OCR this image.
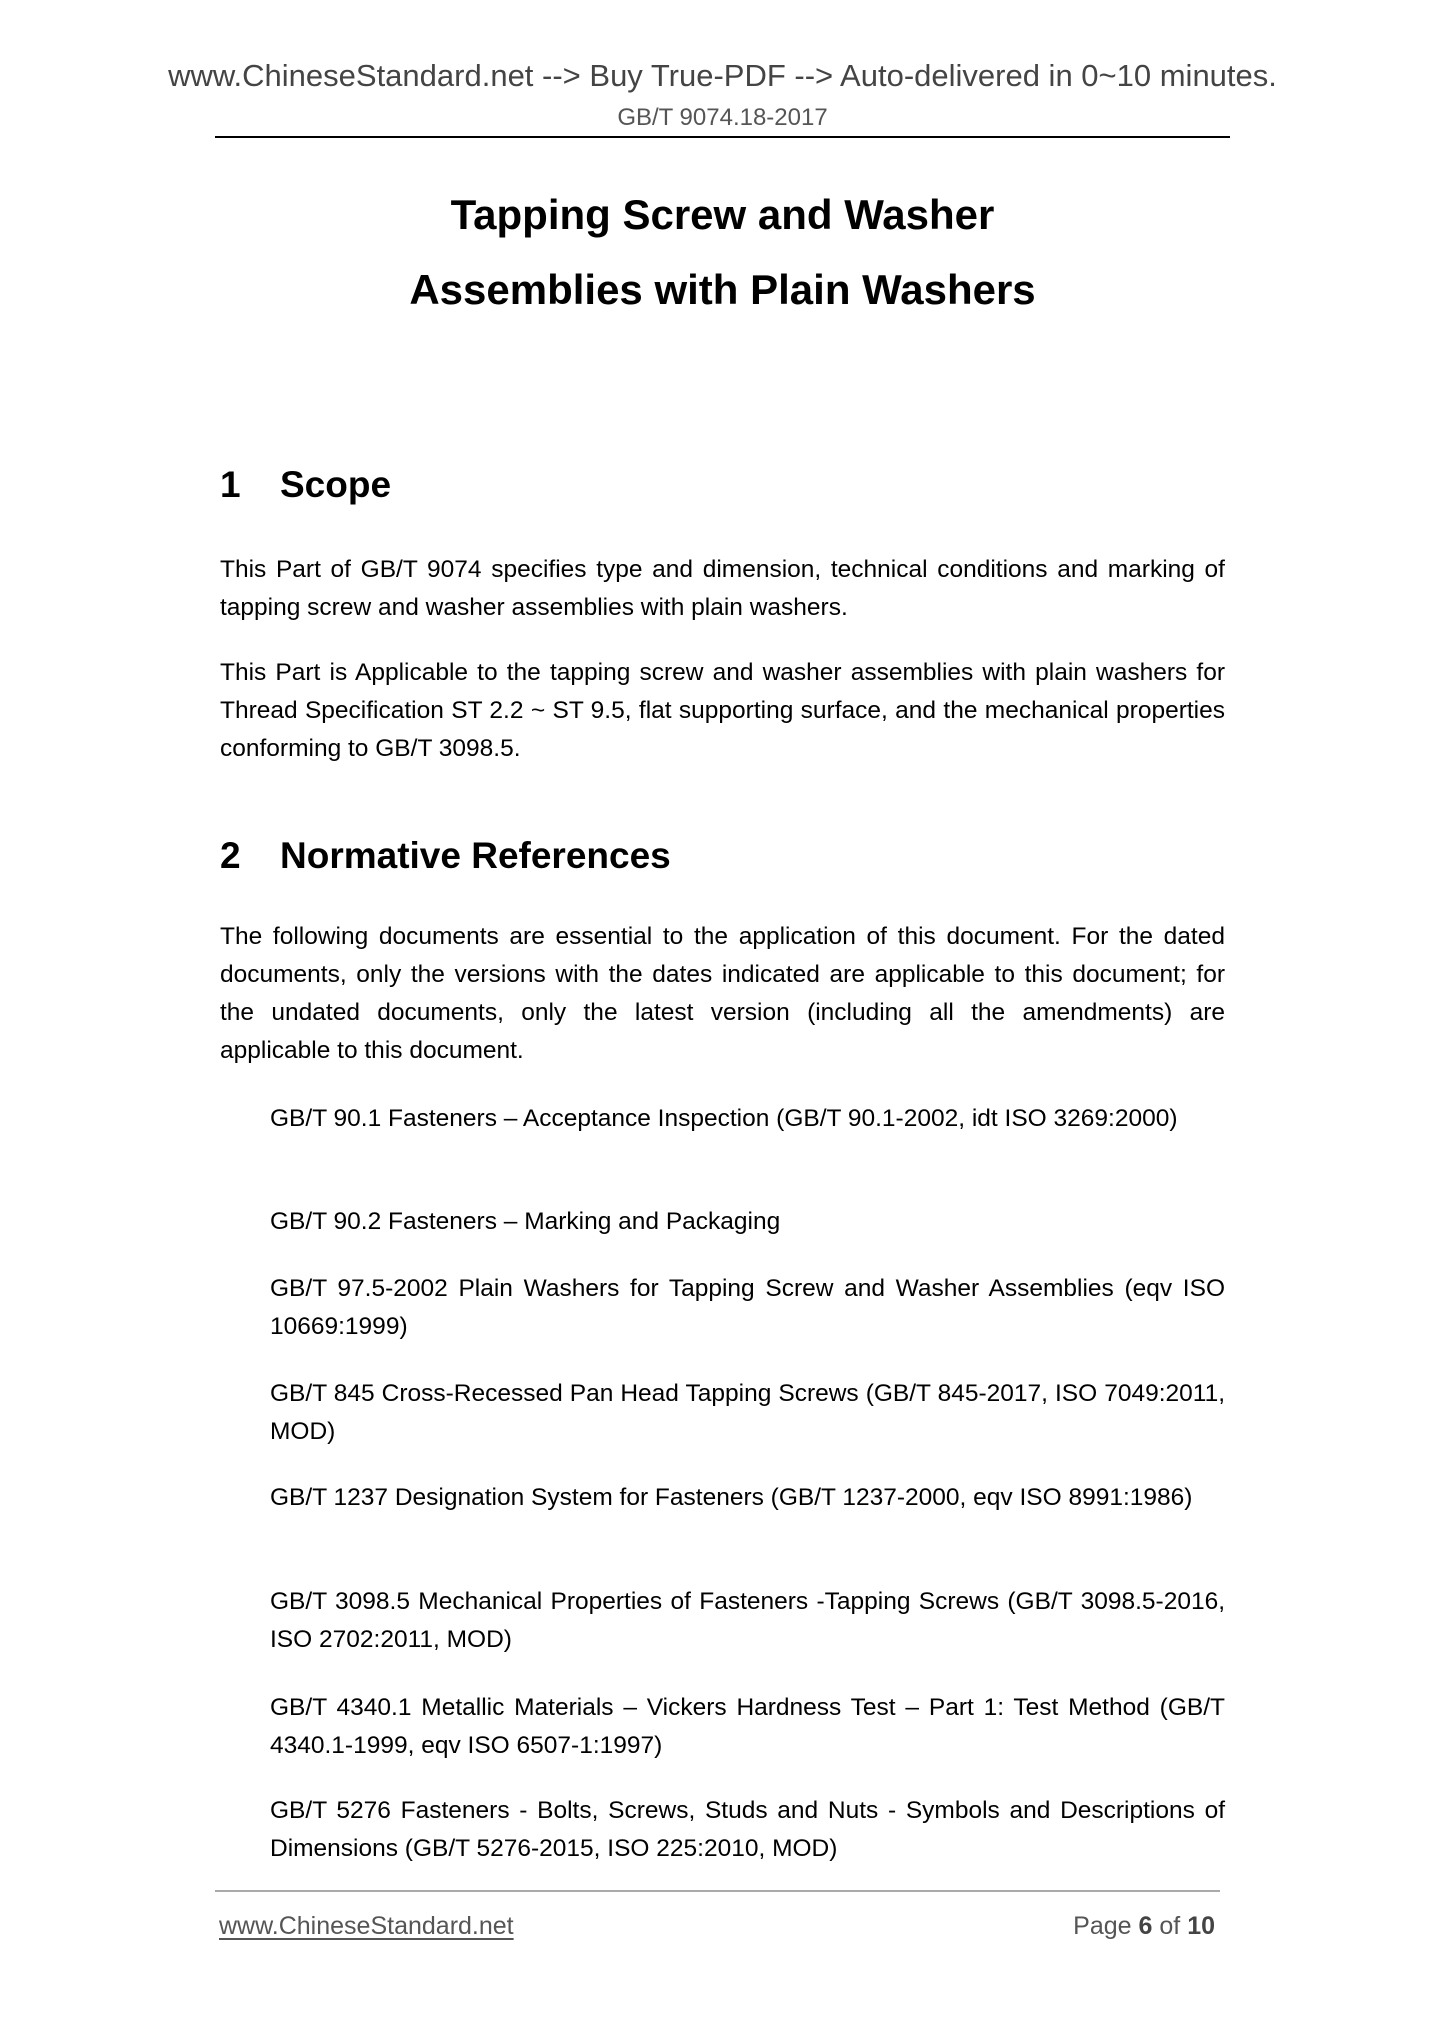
www.ChineseStandard.net --> Buy True-PDF --> Auto-delivered in 0~10 minutes.
GB/T 9074.18-2017
Tapping Screw and Washer
Assemblies with Plain Washers
1 Scope
This Part of GB/T 9074 specifies type and dimension, technical conditions and marking of tapping screw and washer assemblies with plain washers.
This Part is Applicable to the tapping screw and washer assemblies with plain washers for Thread Specification ST 2.2 ~ ST 9.5, flat supporting surface, and the mechanical properties conforming to GB/T 3098.5.
2 Normative References
The following documents are essential to the application of this document. For the dated documents, only the versions with the dates indicated are applicable to this document; for the undated documents, only the latest version (including all the amendments) are applicable to this document.
GB/T 90.1 Fasteners – Acceptance Inspection (GB/T 90.1-2002, idt ISO 3269:2000)
GB/T 90.2 Fasteners – Marking and Packaging
GB/T 97.5-2002 Plain Washers for Tapping Screw and Washer Assemblies (eqv ISO 10669:1999)
GB/T 845 Cross-Recessed Pan Head Tapping Screws (GB/T 845-2017, ISO 7049:2011, MOD)
GB/T 1237 Designation System for Fasteners (GB/T 1237-2000, eqv ISO 8991:1986)
GB/T 3098.5 Mechanical Properties of Fasteners -Tapping Screws (GB/T 3098.5-2016, ISO 2702:2011, MOD)
GB/T 4340.1 Metallic Materials – Vickers Hardness Test – Part 1: Test Method (GB/T 4340.1-1999, eqv ISO 6507-1:1997)
GB/T 5276 Fasteners - Bolts, Screws, Studs and Nuts - Symbols and Descriptions of Dimensions (GB/T 5276-2015, ISO 225:2010, MOD)
www.ChineseStandard.net	Page 6 of 10
